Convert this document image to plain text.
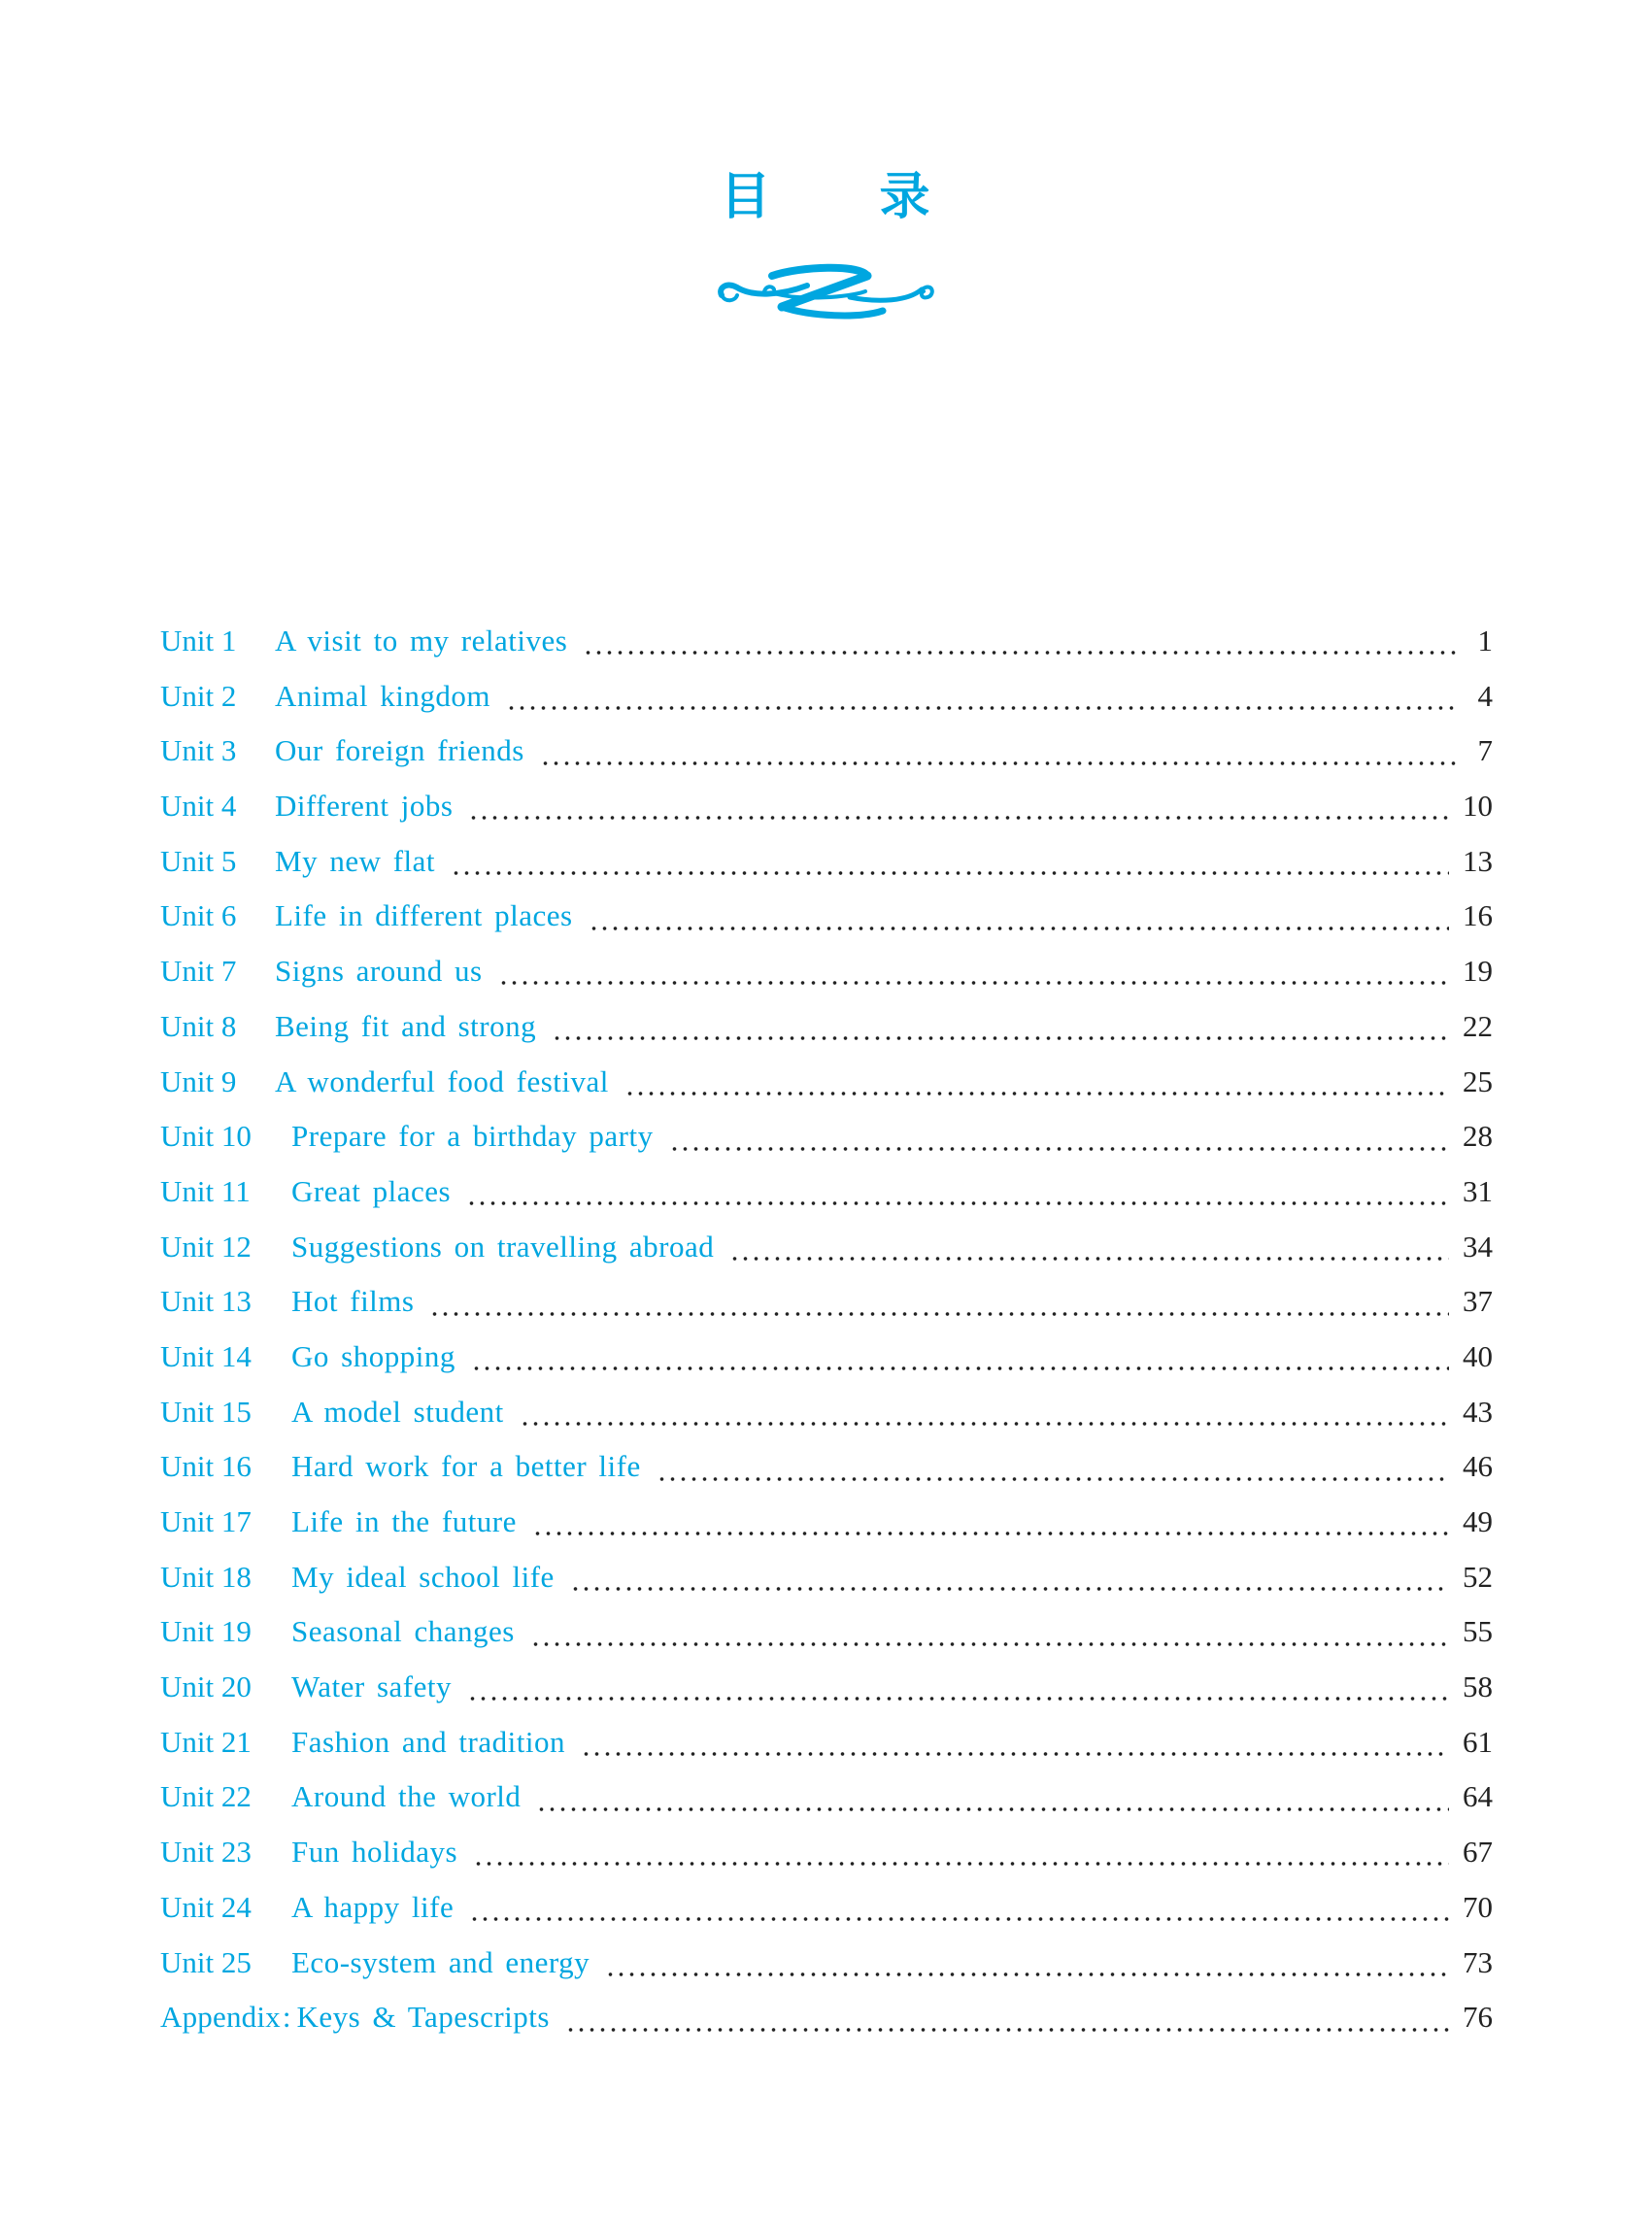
目 录
Unit 1	A visit to my relatives	1
Unit 2	Animal kingdom	4
Unit 3	Our foreign friends	7
Unit 4	Different jobs	10
Unit 5	My new flat	13
Unit 6	Life in different places	16
Unit 7	Signs around us	19
Unit 8	Being fit and strong	22
Unit 9	A wonderful food festival	25
Unit 10	Prepare for a birthday party	28
Unit 11	Great places	31
Unit 12	Suggestions on travelling abroad	34
Unit 13	Hot films	37
Unit 14	Go shopping	40
Unit 15	A model student	43
Unit 16	Hard work for a better life	46
Unit 17	Life in the future	49
Unit 18	My ideal school life	52
Unit 19	Seasonal changes	55
Unit 20	Water safety	58
Unit 21	Fashion and tradition	61
Unit 22	Around the world	64
Unit 23	Fun holidays	67
Unit 24	A happy life	70
Unit 25	Eco-system and energy	73
Appendix : Keys & Tapescripts	76
